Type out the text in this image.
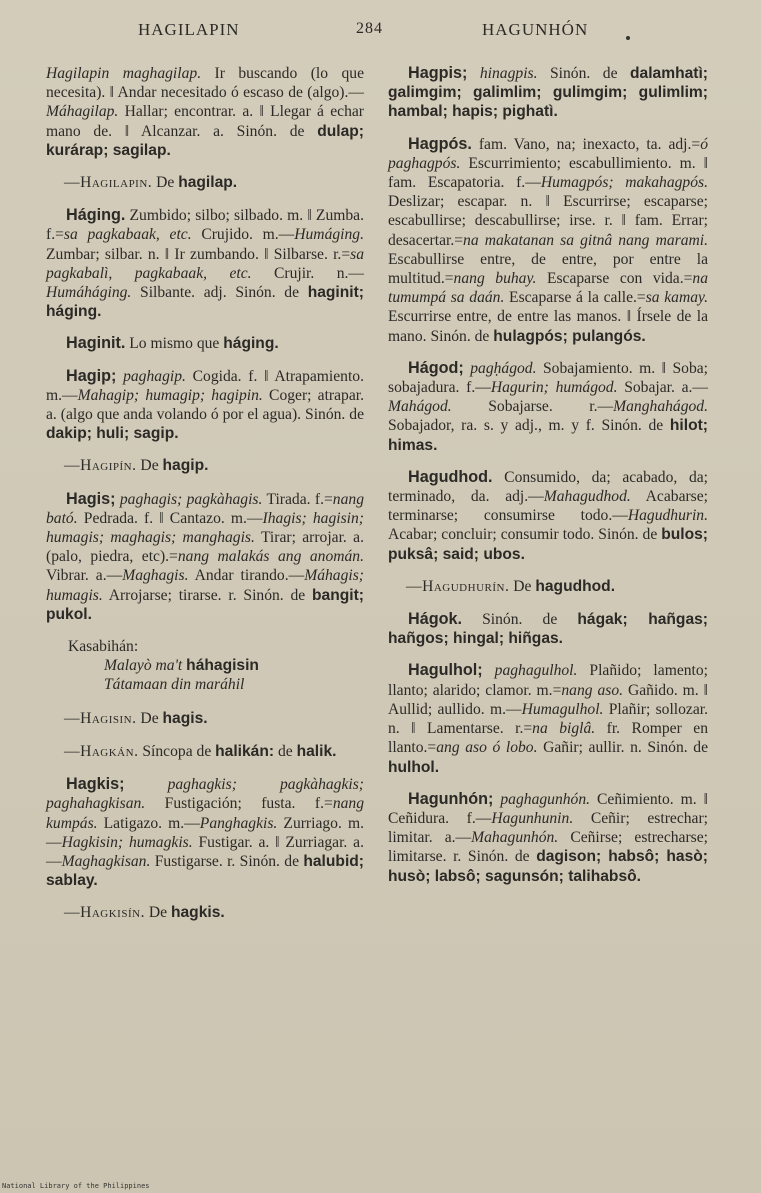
HAGILAPIN	284	HAGUNHÓN

Hagilapin maghagilap. Ir buscando (lo que necesita). ‖ Andar necesitado ó escaso de (algo).—Máhagilap. Hallar; encontrar. a. ‖ Llegar á echar mano de. ‖ Alcanzar. a. Sinón. de dulap; kurárap; sagilap.

—Hagilapin. De hagilap.

Háging. Zumbido; silbo; silbado. m. ‖ Zumba. f.=sa pagkabaak, etc. Crujido. m.—Humáging. Zumbar; silbar. n. ‖ Ir zumbando. ‖ Silbarse. r.=sa pagkabalì, pagkabaak, etc. Crujir. n.—Humáháging. Silbante. adj. Sinón. de haginit; háging.

Haginit. Lo mismo que háging.

Hagip; paghagip. Cogida. f. ‖ Atrapamiento. m.—Mahagip; humagip; hagipin. Coger; atrapar. a. (algo que anda volando ó por el agua). Sinón. de dakip; huli; sagip.

—Hagipín. De hagip.

Hagis; paghagis; pagkàhagis. Tirada. f.=nang bató. Pedrada. f. ‖ Cantazo. m.—Ihagis; hagisin; humagis; maghagis; manghagis. Tirar; arrojar. a. (palo, piedra, etc).=nang malakás ang anomán. Vibrar. a.—Maghagis. Andar tirando.—Máhagis; humagis. Arrojarse; tirarse. r. Sinón. de bangit; pukol.

Kasabihán:
Malayò ma't háhagisin
Tátamaan din maráhil

—Hagisin. De hagis.

—Hagkán. Síncopa de halikán: de halik.

Hagkis; paghagkis; pagkàhagkis; paghahagkisan. Fustigación; fusta. f.=nang kumpás. Latigazo. m.—Panghagkis. Zurriago. m.—Hagkisin; humagkis. Fustigar. a. ‖ Zurriagar. a.—Maghagkisan. Fustigarse. r. Sinón. de halubid; sablay.

—Hagkisín. De hagkis.

Hagpis; hinagpis. Sinón. de dalamhatì; galimgim; galimlim; gulimgim; gulimlim; hambal; hapis; pighatì.

Hagpós. fam. Vano, na; inexacto, ta. adj.=ó paghagpós. Escurrimiento; escabullimiento. m. ‖ fam. Escapatoria. f.—Humagpós; makahagpós. Deslizar; escapar. n. ‖ Escurrirse; escaparse; escabullirse; descabullirse; irse. r. ‖ fam. Errar; desacertar.=na makatanan sa gitnâ nang marami. Escabullirse entre, de entre, por entre la multitud.=nang buhay. Escaparse con vida.=na tumumpá sa daán. Escaparse á la calle.=sa kamay. Escurrirse entre, de entre las manos. ‖ Írsele de la mano. Sinón. de hulagpós; pulangós.

Hágod; pagḥágod. Sobajamiento. m. ‖ Soba; sobajadura. f.—Hagurin; humágod. Sobajar. a.—Mahágod. Sobajarse. r.—Manghahágod. Sobajador, ra. s. y adj., m. y f. Sinón. de hilot; himas.

Hagudhod. Consumido, da; acabado, da; terminado, da. adj.—Mahagudhod. Acabarse; terminarse; consumirse todo.—Hagudhurin. Acabar; concluir; consumir todo. Sinón. de bulos; puksâ; said; ubos.

—Hagudhurín. De hagudhod.

Hágok. Sinón. de hágak; hañgas; hañgos; hingal; hiñgas.

Hagulhol; paghagulhol. Plañido; lamento; llanto; alarido; clamor. m.=nang aso. Gañido. m. ‖ Aullid; aullido. m.—Humagulhol. Plañir; sollozar. n. ‖ Lamentarse. r.=na biglâ. fr. Romper en llanto.=ang aso ó lobo. Gañir; aullir. n. Sinón. de hulhol.

Hagunhón; paghagunhón. Ceñimiento. m. ‖ Ceñidura. f.—Hagunhunin. Ceñir; estrechar; limitar. a.—Mahagunhón. Ceñirse; estrecharse; limitarse. r. Sinón. de dagison; habsô; hasò; husò; labsô; sagunsón; talihabsô.

National Library of the Philippines
